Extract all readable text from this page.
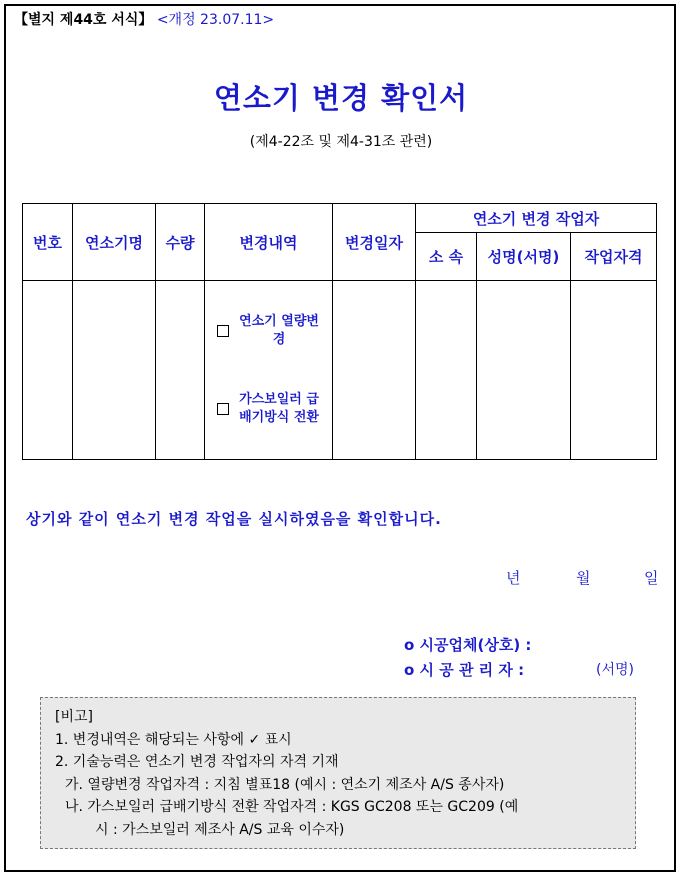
【별지 제44호 서식】 <개정 23.07.11>
연소기 변경 확인서
(제4-22조 및 제4-31조 관련)
번호	연소기명	수량	변경내역	변경일자	연소기 변경 작업자		
					소 속	성명(서명)	작업자격

			연소기 열량변경
가스보일러 급배기방식 전환				

상기와 같이 연소기 변경 작업을 실시하였음을 확인합니다.
년	월	일
o 시공업체(상호) :
o 시 공 관 리 자 :	(서명)
[비고]
1. 변경내역은 해당되는 사항에 ✓ 표시
2. 기술능력은 연소기 변경 작업자의 자격 기재
가. 열량변경 작업자격 : 지침 별표18 (예시 : 연소기 제조사 A/S 종사자)
나. 가스보일러 급배기방식 전환 작업자격 : KGS GC208 또는 GC209 (예
시 : 가스보일러 제조사 A/S 교육 이수자)
